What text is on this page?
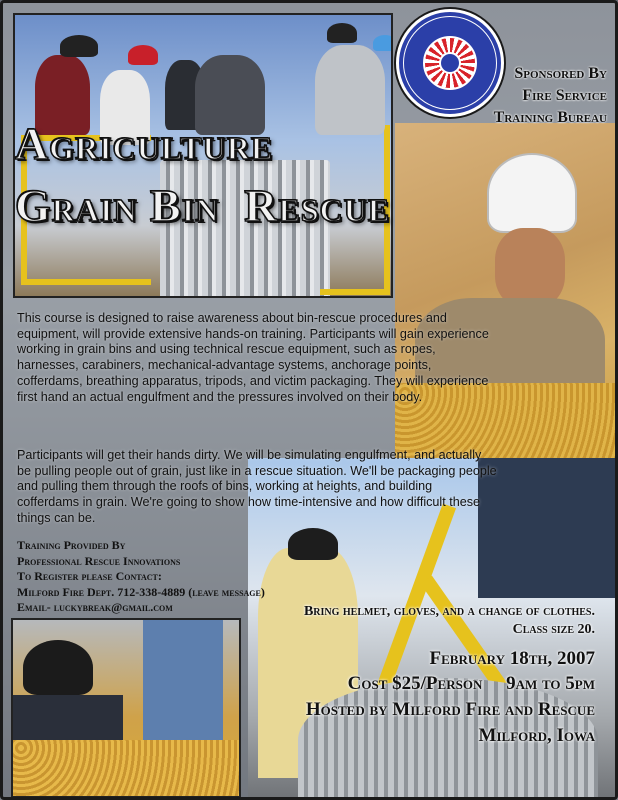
Sponsored By
Fire Service
Training Bureau
Agriculture
Grain Bin  Rescue

This course is designed to raise awareness about bin-rescue procedures and equipment, will provide extensive hands-on training. Participants will gain experience working in grain bins and using technical rescue equipment, such as ropes, harnesses, carabiners, mechanical-advantage systems, anchorage points, cofferdams, breathing apparatus, tripods, and victim packaging. They will experience first hand an actual engulfment and the pressures involved on their body.

Participants will get their hands dirty. We will be simulating engulfment, and actually be pulling people out of grain, just like in a rescue situation. We'll be packaging people and pulling them through the roofs of bins, working at heights, and building cofferdams in grain. We're going to show how time-intensive and how difficult these things can be.

Training Provided By
Professional Rescue Innovations
To Register please Contact:
Milford Fire Dept. 712-338-4889 (leave message)
Email- luckybreak@gmail.com	Bring helmet, gloves, and a change of clothes.
Class size 20.
February 18th, 2007
Cost $25/Person     9am to 5pm
Hosted by Milford Fire and Rescue
Milford, Iowa
